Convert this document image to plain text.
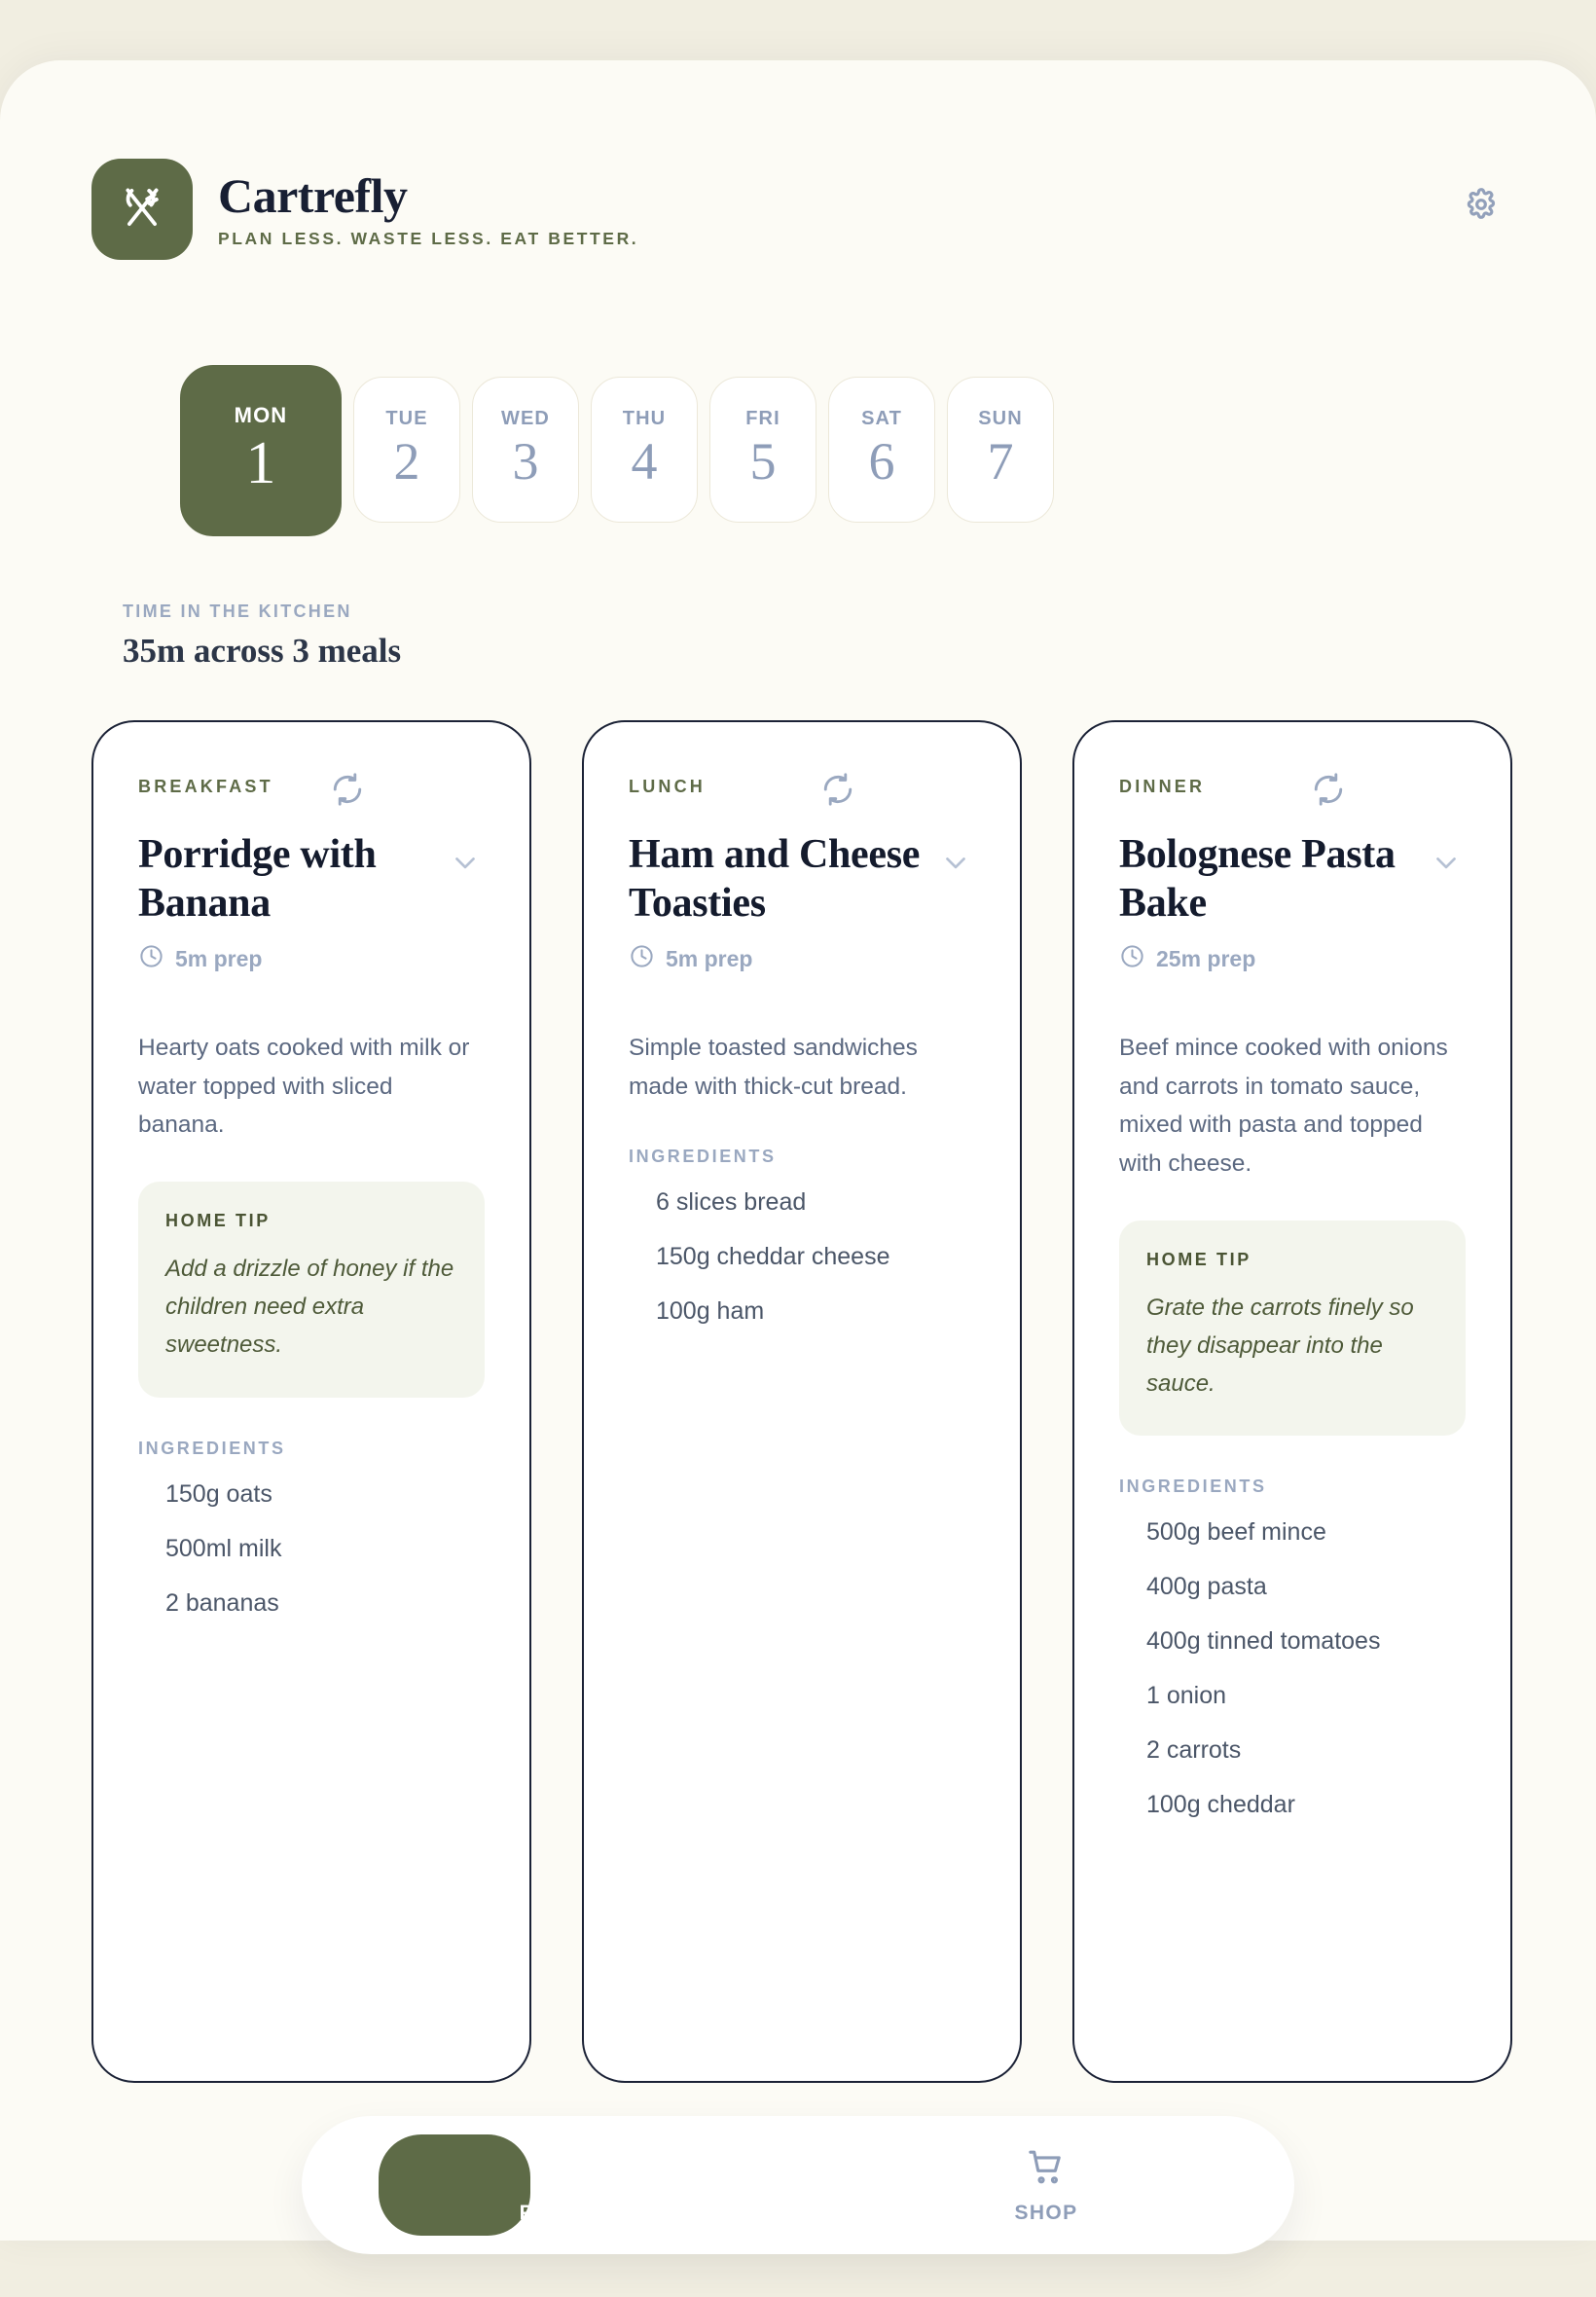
Cartrefly
PLAN LESS. WASTE LESS. EAT BETTER.
MON
1
TUE
2
WED
3
THU
4
FRI
5
SAT
6
SUN
7
TIME IN THE KITCHEN
35m across 3 meals
BREAKFAST
Porridge with Banana
5m prep
Hearty oats cooked with milk or water topped with sliced banana.
HOME TIP
Add a drizzle of honey if the children need extra sweetness.
INGREDIENTS
150g oats
500ml milk
2 bananas
LUNCH
Ham and Cheese Toasties
5m prep
Simple toasted sandwiches made with thick-cut bread.
INGREDIENTS
6 slices bread
150g cheddar cheese
100g ham
DINNER
Bolognese Pasta Bake
25m prep
Beef mince cooked with onions and carrots in tomato sauce, mixed with pasta and topped with cheese.
HOME TIP
Grate the carrots finely so they disappear into the sauce.
INGREDIENTS
500g beef mince
400g pasta
400g tinned tomatoes
1 onion
2 carrots
100g cheddar
PLAN	SHOP
